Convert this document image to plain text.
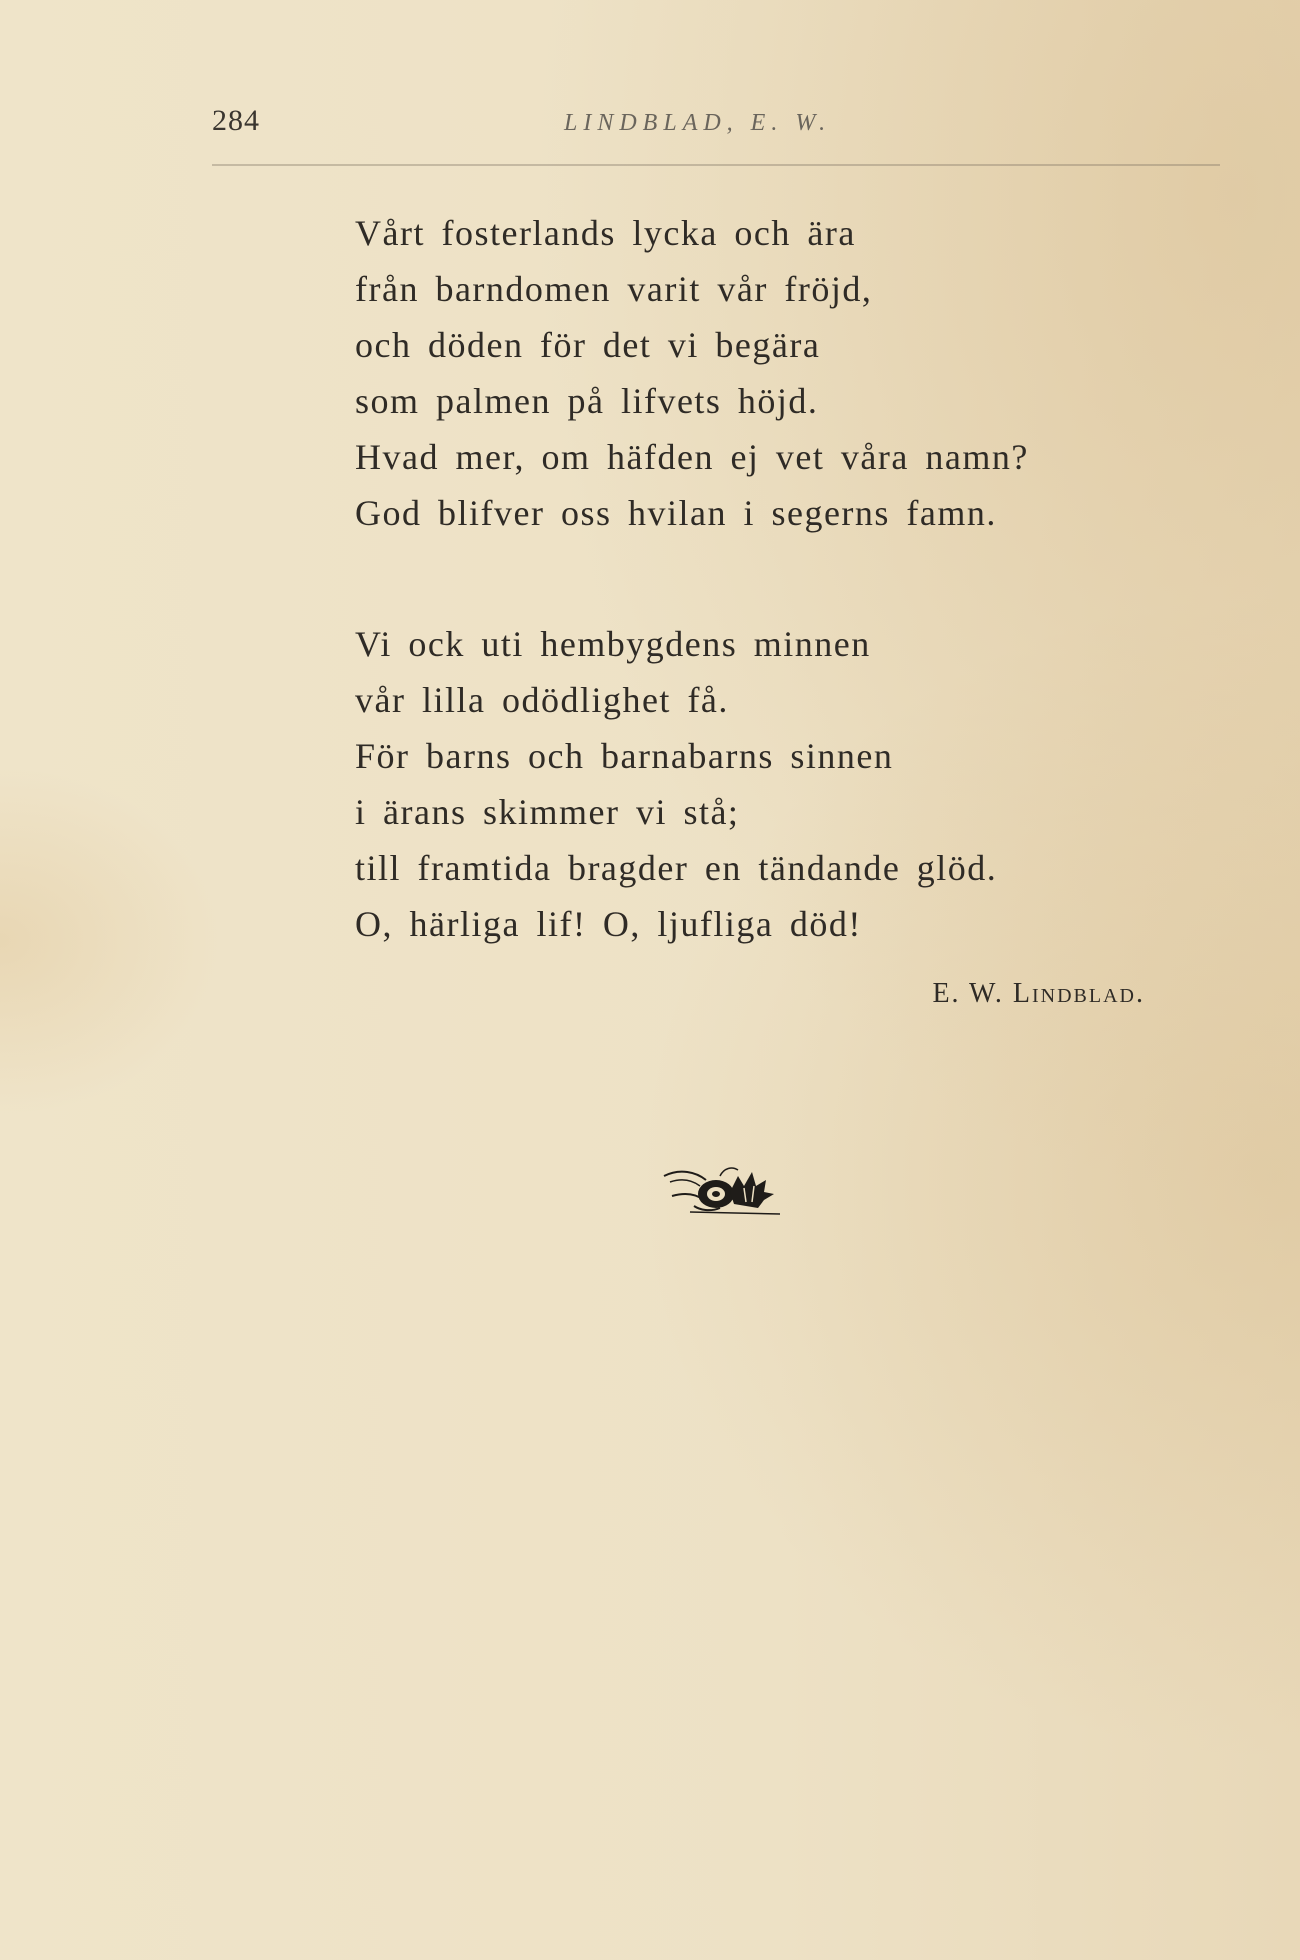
284	LINDBLAD, E. W.
Vårt fosterlands lycka och ära
från barndomen varit vår fröjd,
och döden för det vi begära
som palmen på lifvets höjd.
Hvad mer, om häfden ej vet våra namn?
God blifver oss hvilan i segerns famn.
Vi ock uti hembygdens minnen
vår lilla odödlighet få.
För barns och barnabarns sinnen
i ärans skimmer vi stå;
till framtida bragder en tändande glöd.
O, härliga lif! O, ljufliga död!
E. W. Lindblad.
